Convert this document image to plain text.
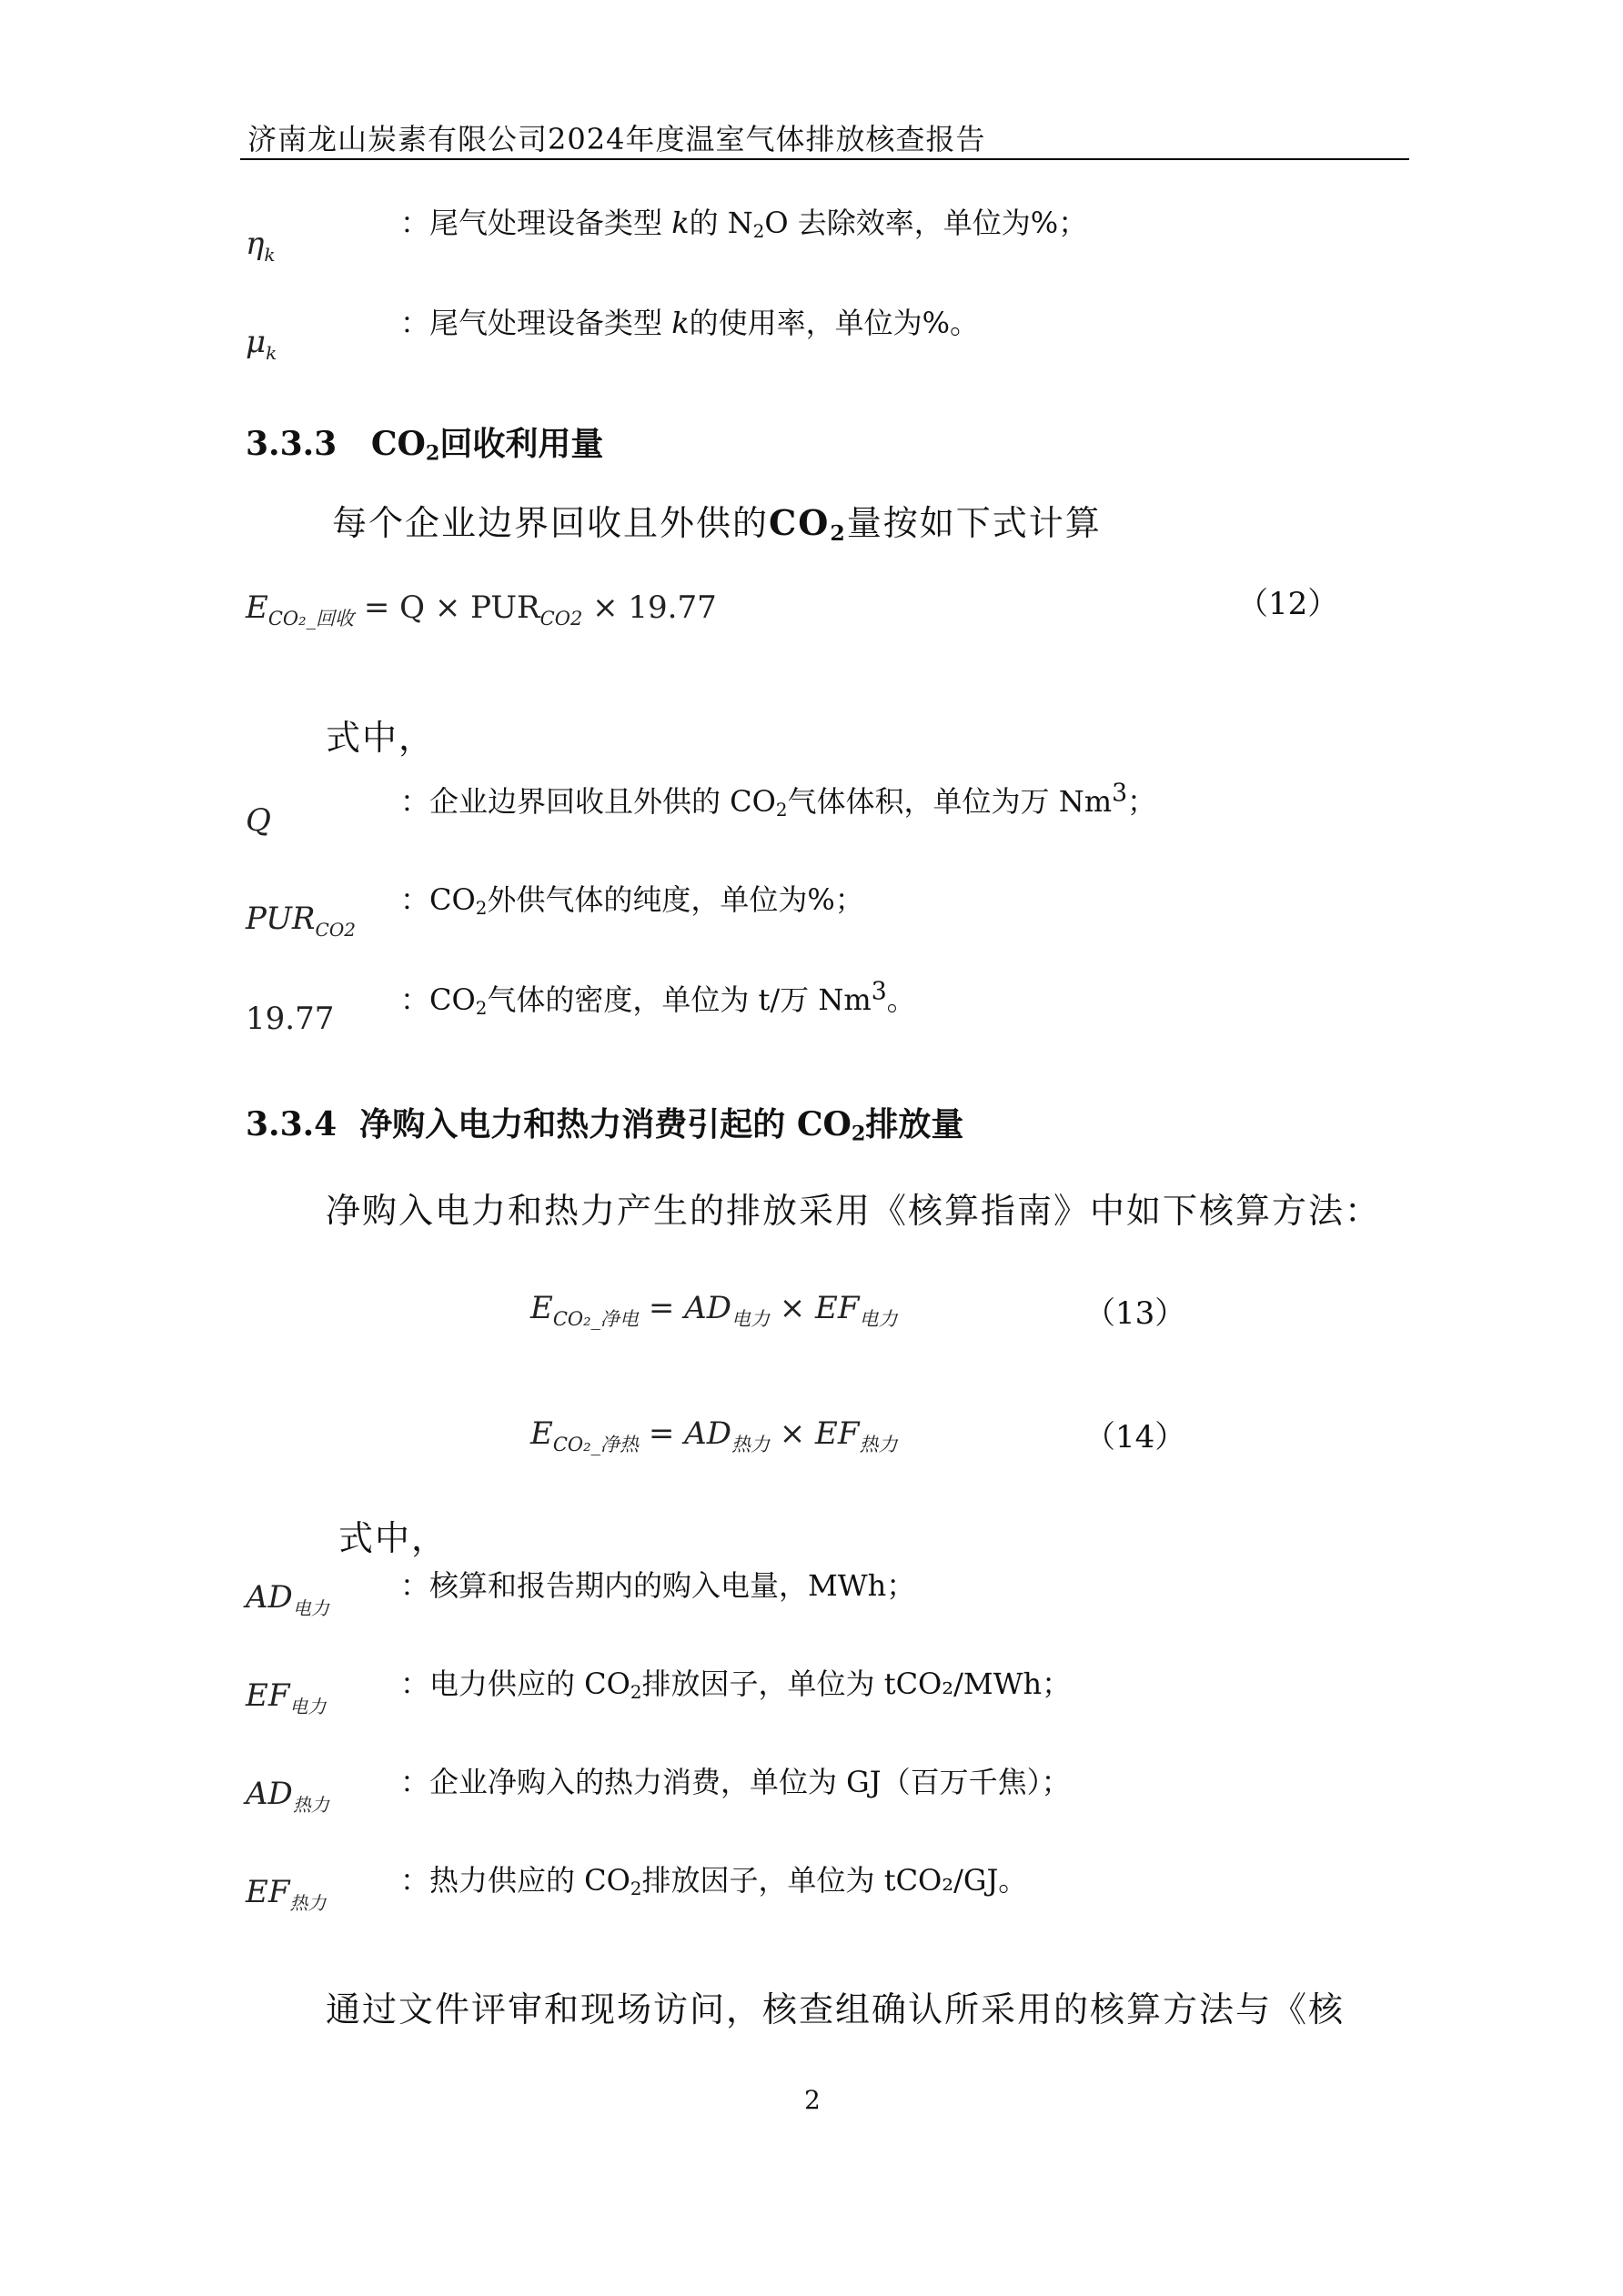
济南龙山炭素有限公司2024年度温室气体排放核查报告
$\eta_k$
：尾气处理设备类型 k的 N2O 去除效率，单位为%；
$\mu_k$
：尾气处理设备类型 k的使用率，单位为%。
3.3.3 CO2回收利用量
每个企业边界回收且外供的CO2量按如下式计算
$E_{CO_2\_回收} = Q \times PUR_{CO2} \times 19.77$	（12）
式中，
Q
：企业边界回收且外供的 CO2气体体积，单位为万 Nm$^3$；
$PUR_{CO2}$
：CO2外供气体的纯度，单位为%；
19.77
：CO2气体的密度，单位为 t/万 Nm$^3$。
3.3.4 净购入电力和热力消费引起的 CO2排放量
净购入电力和热力产生的排放采用《核算指南》中如下核算方法：
$E_{CO_2\_净电} = AD_{电力} \times EF_{电力}$	（13）
$E_{CO_2\_净热} = AD_{热力} \times EF_{热力}$	（14）
式中，
$AD_{电力}$
：核算和报告期内的购入电量，MWh；
$EF_{电力}$
：电力供应的 CO2排放因子，单位为 tCO₂/MWh；
$AD_{热力}$
：企业净购入的热力消费，单位为 GJ（百万千焦）；
$EF_{热力}$
：热力供应的 CO2排放因子，单位为 tCO₂/GJ。
通过文件评审和现场访问，核查组确认所采用的核算方法与《核
2
